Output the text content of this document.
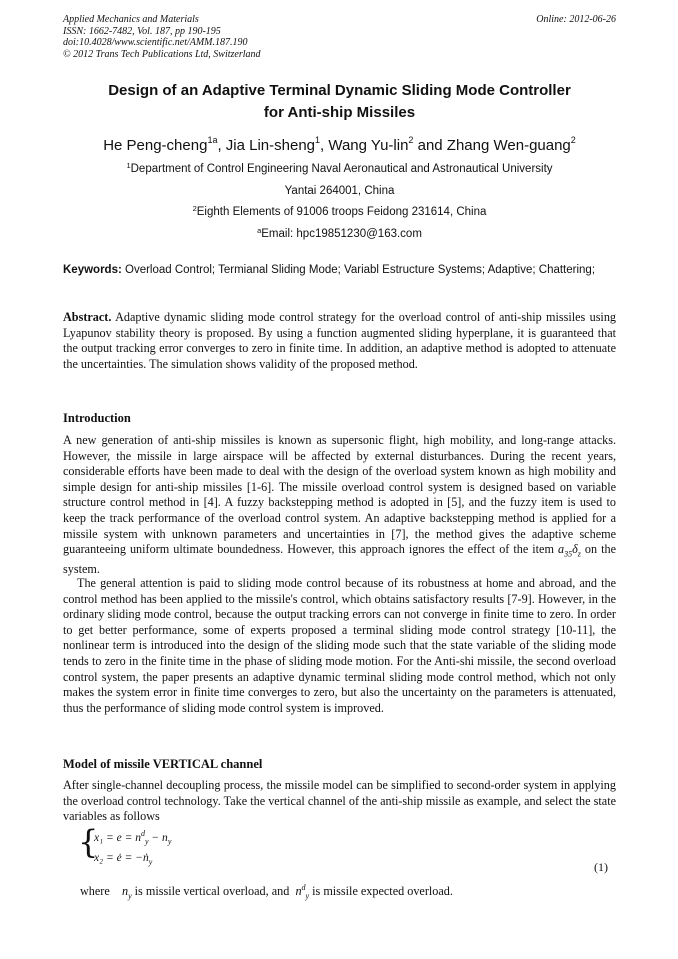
Applied Mechanics and Materials
ISSN: 1662-7482, Vol. 187, pp 190-195
doi:10.4028/www.scientific.net/AMM.187.190
© 2012 Trans Tech Publications Ltd, Switzerland
Online: 2012-06-26
Design of an Adaptive Terminal Dynamic Sliding Mode Controller
for Anti-ship Missiles
He Peng-cheng$^{1a}$, Jia Lin-sheng$^1$, Wang Yu-lin$^2$ and Zhang Wen-guang$^2$
$^1$Department of Control Engineering Naval Aeronautical and Astronautical University
Yantai 264001, China
$^2$Eighth Elements of 91006 troops Feidong 231614, China
$^a$Email: hpc19851230@163.com
Keywords: Overload Control; Termianal Sliding Mode; Variabl Estructure Systems; Adaptive; Chattering;
Abstract. Adaptive dynamic sliding mode control strategy for the overload control of anti-ship missiles using Lyapunov stability theory is proposed. By using a function augmented sliding hyperplane, it is guaranteed that the output tracking error converges to zero in finite time. In addition, an adaptive method is adopted to attenuate the uncertainties. The simulation shows validity of the proposed method.
Introduction
A new generation of anti-ship missiles is known as supersonic flight, high mobility, and long-range attacks. However, the missile in large airspace will be affected by external disturbances. During the recent years, considerable efforts have been made to deal with the design of the overload system known as high mobility and simple design for anti-ship missiles [1-6]. The missile overload control system is designed based on variable structure control method in [4]. A fuzzy backstepping method is adopted in [5], and the fuzzy item is used to keep the track performance of the overload control system. An adaptive backstepping method is applied for a missile system with unknown parameters and uncertainties in [7], the method gives the adaptive scheme guaranteeing uniform ultimate boundedness. However, this approach ignores the effect of the item $a_{35}\delta_z$ on the system.
The general attention is paid to sliding mode control because of its robustness at home and abroad, and the control method has been applied to the missile's control, which obtains satisfactory results [7-9]. However, in the ordinary sliding mode control, because the output tracking errors can not converge in finite time to zero. In order to get better performance, some of experts proposed a terminal sliding mode control strategy [10-11], the nonlinear term is introduced into the design of the sliding mode such that the state variable of the sliding mode tends to zero in the finite time in the phase of sliding mode motion. For the Anti-shi missile, the second overload control system, the paper presents an adaptive dynamic terminal sliding mode control method, which not only makes the system error in finite time converges to zero, but also the uncertainty on the parameters is attenuated, thus the performance of sliding mode control system is improved.
Model of missile VERTICAL channel
After single-channel decoupling process, the missile model can be simplified to second-order system in applying the overload control technology. Take the vertical channel of the anti-ship missile as example, and select the state variables as follows
{
$x_1 = e = n^d_y - n_y$
x₂ = ė = −ṅ$_y$	(1)
where $n_y$ is missile vertical overload, and $n^d_y$ is missile expected overload.
